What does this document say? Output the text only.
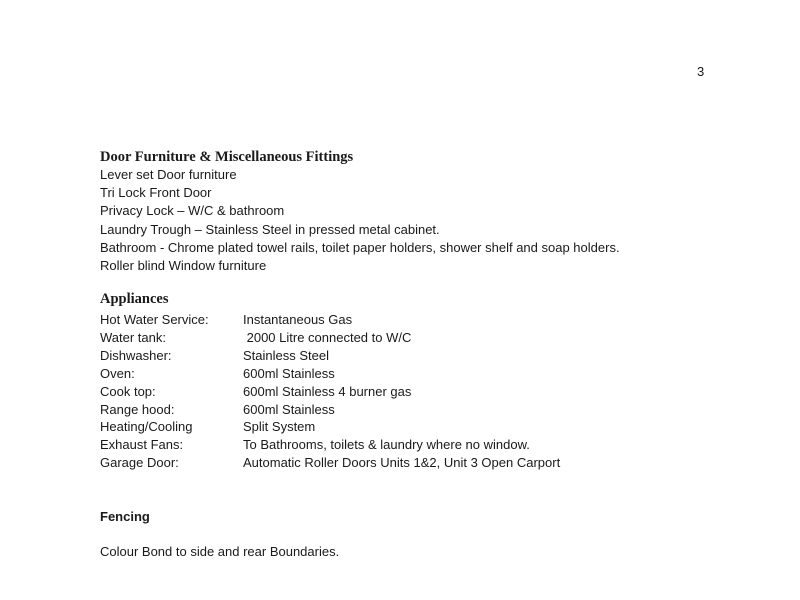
3
Door Furniture & Miscellaneous Fittings
Lever set Door furniture
Tri Lock Front Door
Privacy Lock – W/C & bathroom
Laundry Trough – Stainless Steel in pressed metal cabinet.
Bathroom - Chrome plated towel rails, toilet paper holders, shower shelf and soap holders.
Roller blind Window furniture
Appliances
Hot Water Service:	Instantaneous Gas
Water tank:	2000 Litre connected to W/C
Dishwasher:	Stainless Steel
Oven:	600ml Stainless
Cook top:	600ml Stainless 4 burner gas
Range hood:	600ml Stainless
Heating/Cooling	Split System
Exhaust Fans:	To Bathrooms, toilets & laundry where no window.
Garage Door:	Automatic Roller Doors Units 1&2, Unit 3 Open Carport
Fencing
Colour Bond to side and rear Boundaries.
